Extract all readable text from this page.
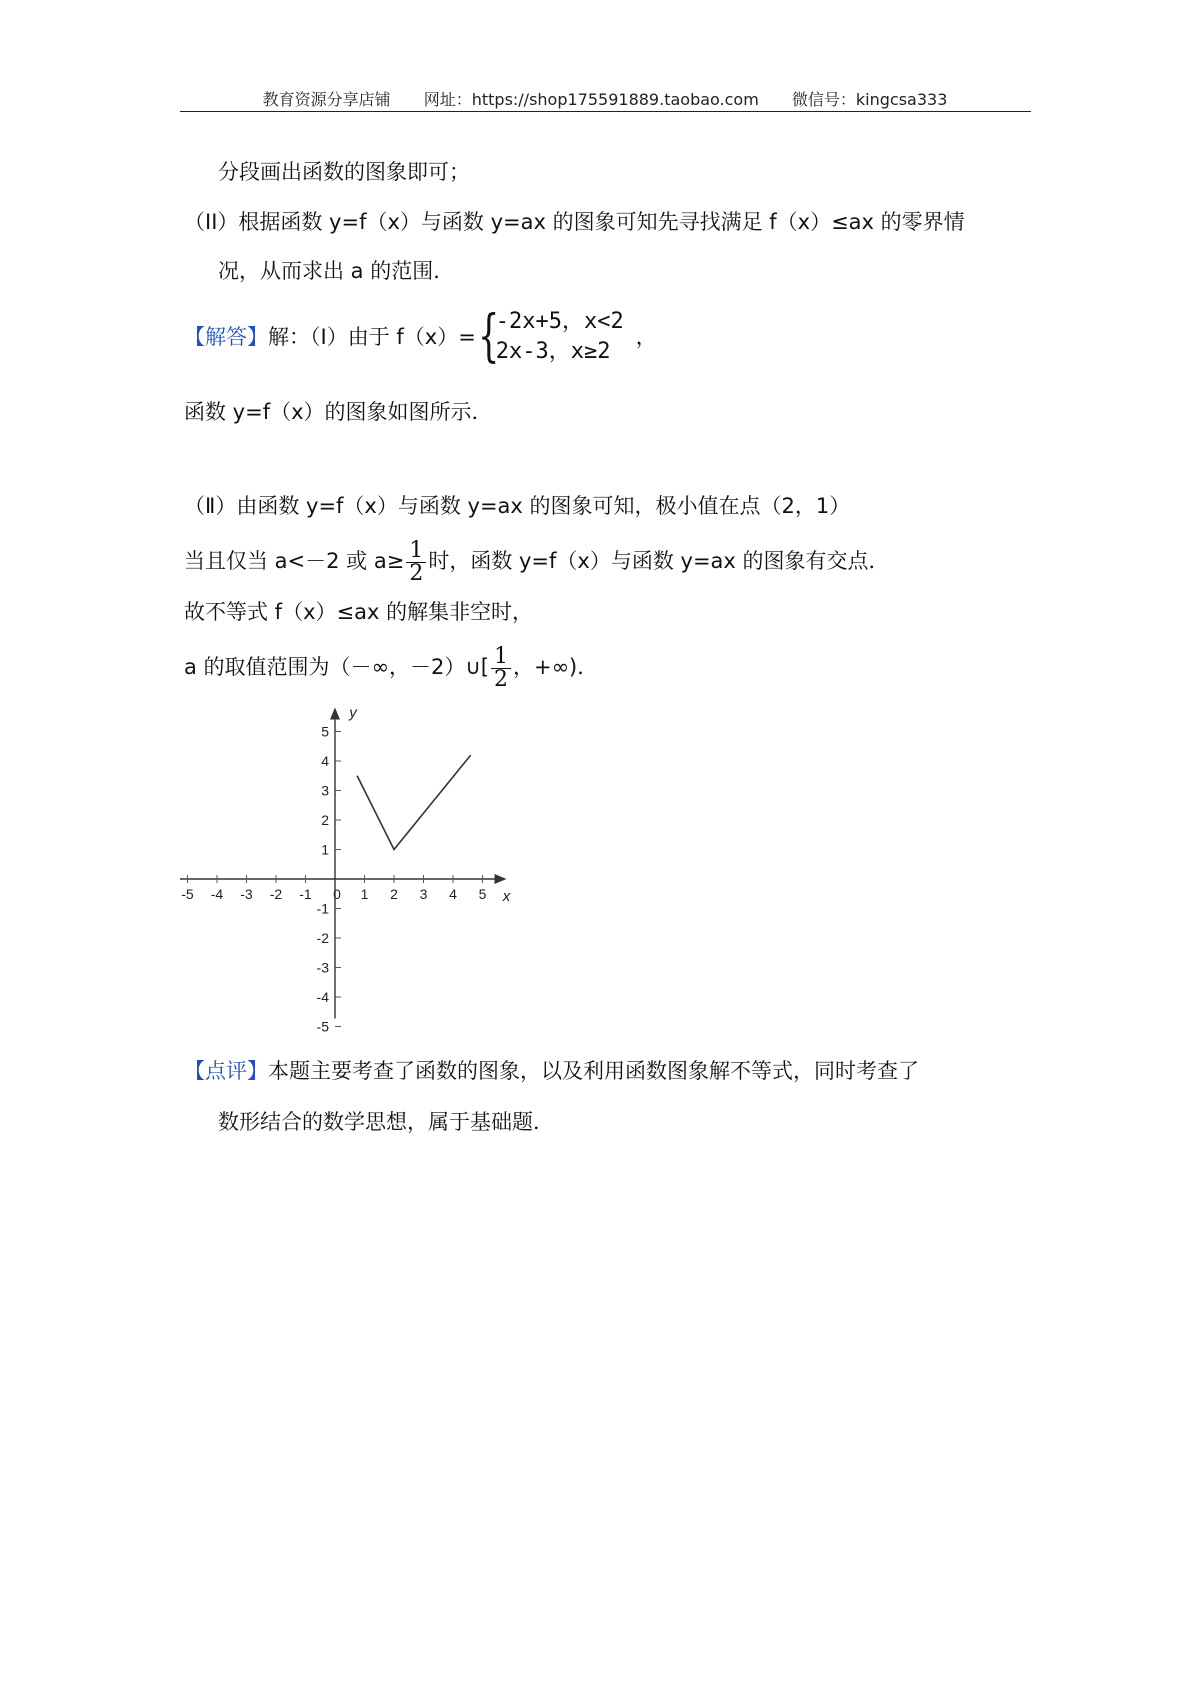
教育资源分享店铺 网址：https://shop175591889.taobao.com 微信号：kingcsa333
分段画出函数的图象即可；
（II）根据函数 y=f（x）与函数 y=ax 的图象可知先寻找满足 f（x）≤ax 的零界情
况，从而求出 a 的范围．
【解答】解：（Ⅰ）由于 f（x）= {
-2x+5，x<2
2x-3，x≥2
，
函数 y=f（x）的图象如图所示．
（Ⅱ）由函数 y=f（x）与函数 y=ax 的图象可知，极小值在点（2，1）
当且仅当 a<－2 或 $a\ge \frac{1}{2}$ 时，函数 y=f（x）与函数 y=ax 的图象有交点．
故不等式 f（x）≤ax 的解集非空时，
a 的取值范围为（－∞，－2）∪[ $\frac{1}{2}$ ，+∞)．
-5 -4 -3 -2 -1	1 2 3 4 5
5
4
3
2
1
-1
-2
-3
-4
-5
0	x
y
【点评】本题主要考查了函数的图象，以及利用函数图象解不等式，同时考查了
数形结合的数学思想，属于基础题．
